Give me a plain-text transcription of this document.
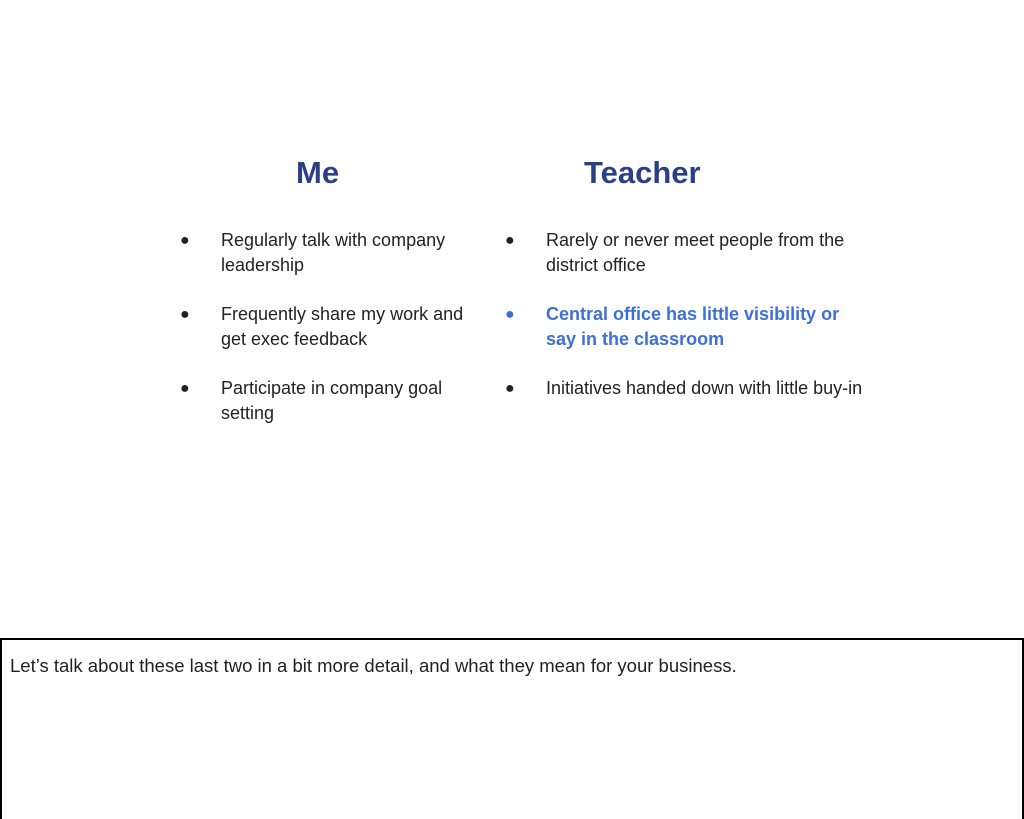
Me	Teacher
● Regularly talk with company leadership
● Frequently share my work and get exec feedback
● Participate in company goal setting
● Rarely or never meet people from the district office
● Central office has little visibility or say in the classroom
● Initiatives handed down with little buy-in
Let’s talk about these last two in a bit more detail, and what they mean for your business.
